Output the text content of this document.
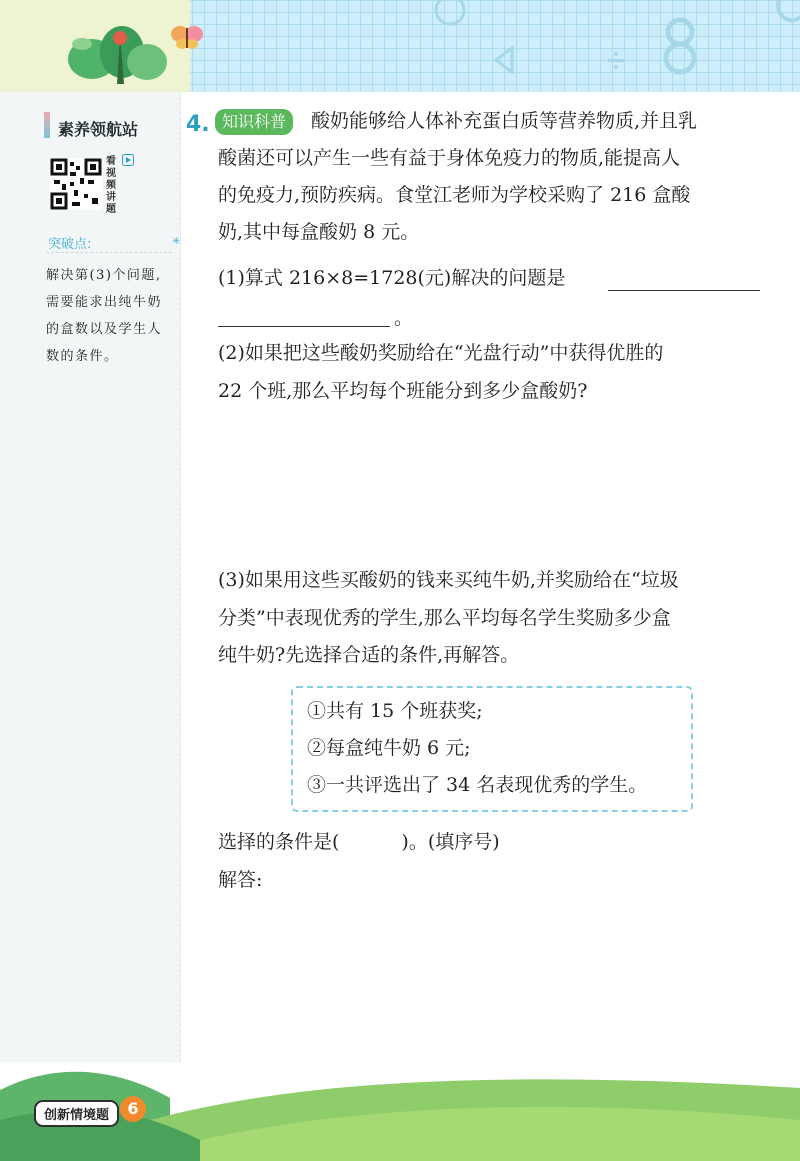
素养领航站
看视频讲题
突破点:	✳
解决第(3)个问题,需要能求出纯牛奶的盒数以及学生人数的条件。
4. 知识科普	酸奶能够给人体补充蛋白质等营养物质,并且乳
酸菌还可以产生一些有益于身体免疫力的物质,能提高人
的免疫力,预防疾病。食堂江老师为学校采购了 216 盒酸
奶,其中每盒酸奶 8 元。
(1)算式 216×8=1728(元)解决的问题是
。
(2)如果把这些酸奶奖励给在“光盘行动”中获得优胜的
22 个班,那么平均每个班能分到多少盒酸奶?
(3)如果用这些买酸奶的钱来买纯牛奶,并奖励给在“垃圾
分类”中表现优秀的学生,那么平均每名学生奖励多少盒
纯牛奶?先选择合适的条件,再解答。
①共有 15 个班获奖;
②每盒纯牛奶 6 元;
③一共评选出了 34 名表现优秀的学生。
选择的条件是(	)。(填序号)
解答:
创新情境题	6
